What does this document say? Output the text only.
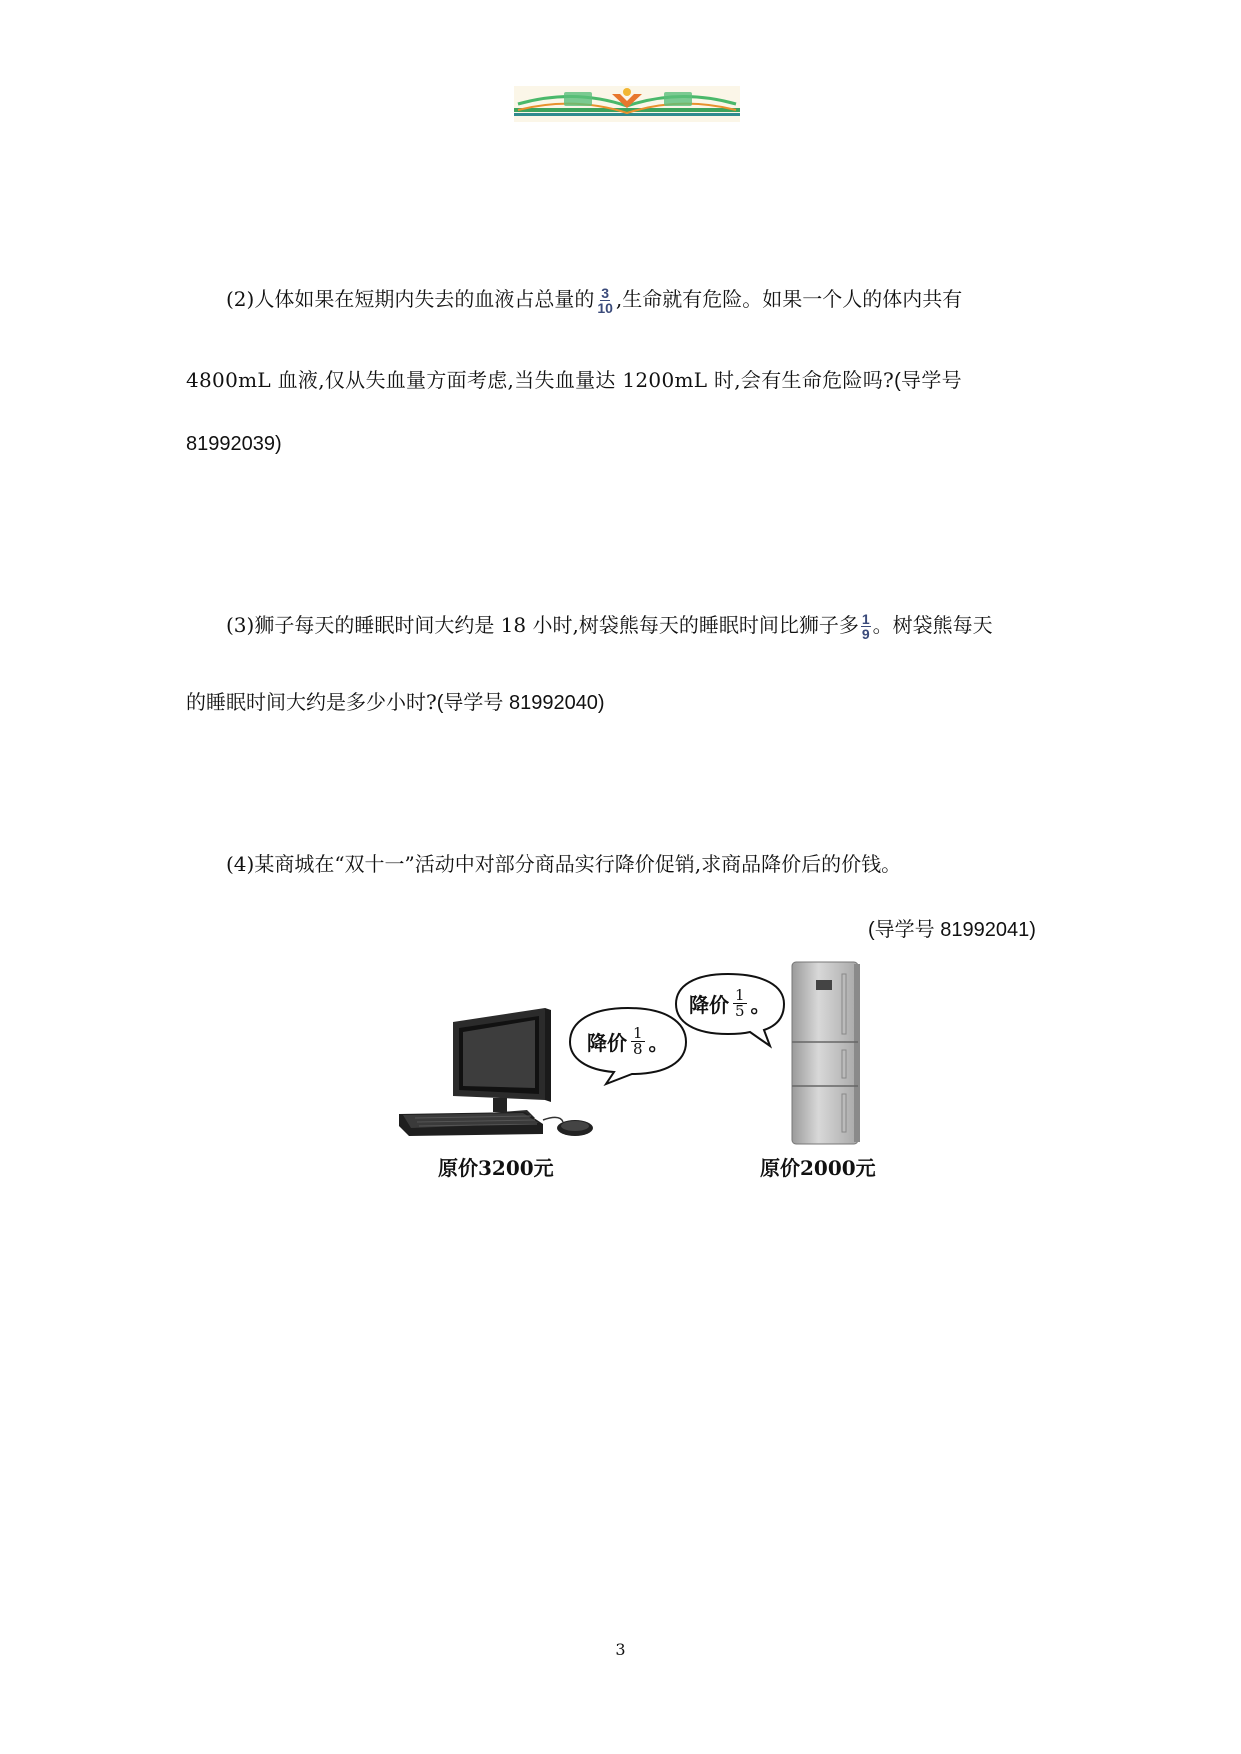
(2)人体如果在短期内失去的血液占总量的 $\frac{3}{10}$ ,生命就有危险。如果一个人的体内共有
4800mL 血液,仅从失血量方面考虑,当失血量达 1200mL 时,会有生命危险吗?(导学号
81992039)
(3)狮子每天的睡眠时间大约是 18 小时,树袋熊每天的睡眠时间比狮子多 $\frac{1}{9}$ 。树袋熊每天
的睡眠时间大约是多少小时?(导学号 81992040)
(4)某商城在“双十一”活动中对部分商品实行降价促销,求商品降价后的价钱。
(导学号 81992041)
降价 $\frac{1}{8}$ 。
原价3200元
降价 $\frac{1}{5}$ 。
原价2000元
3
